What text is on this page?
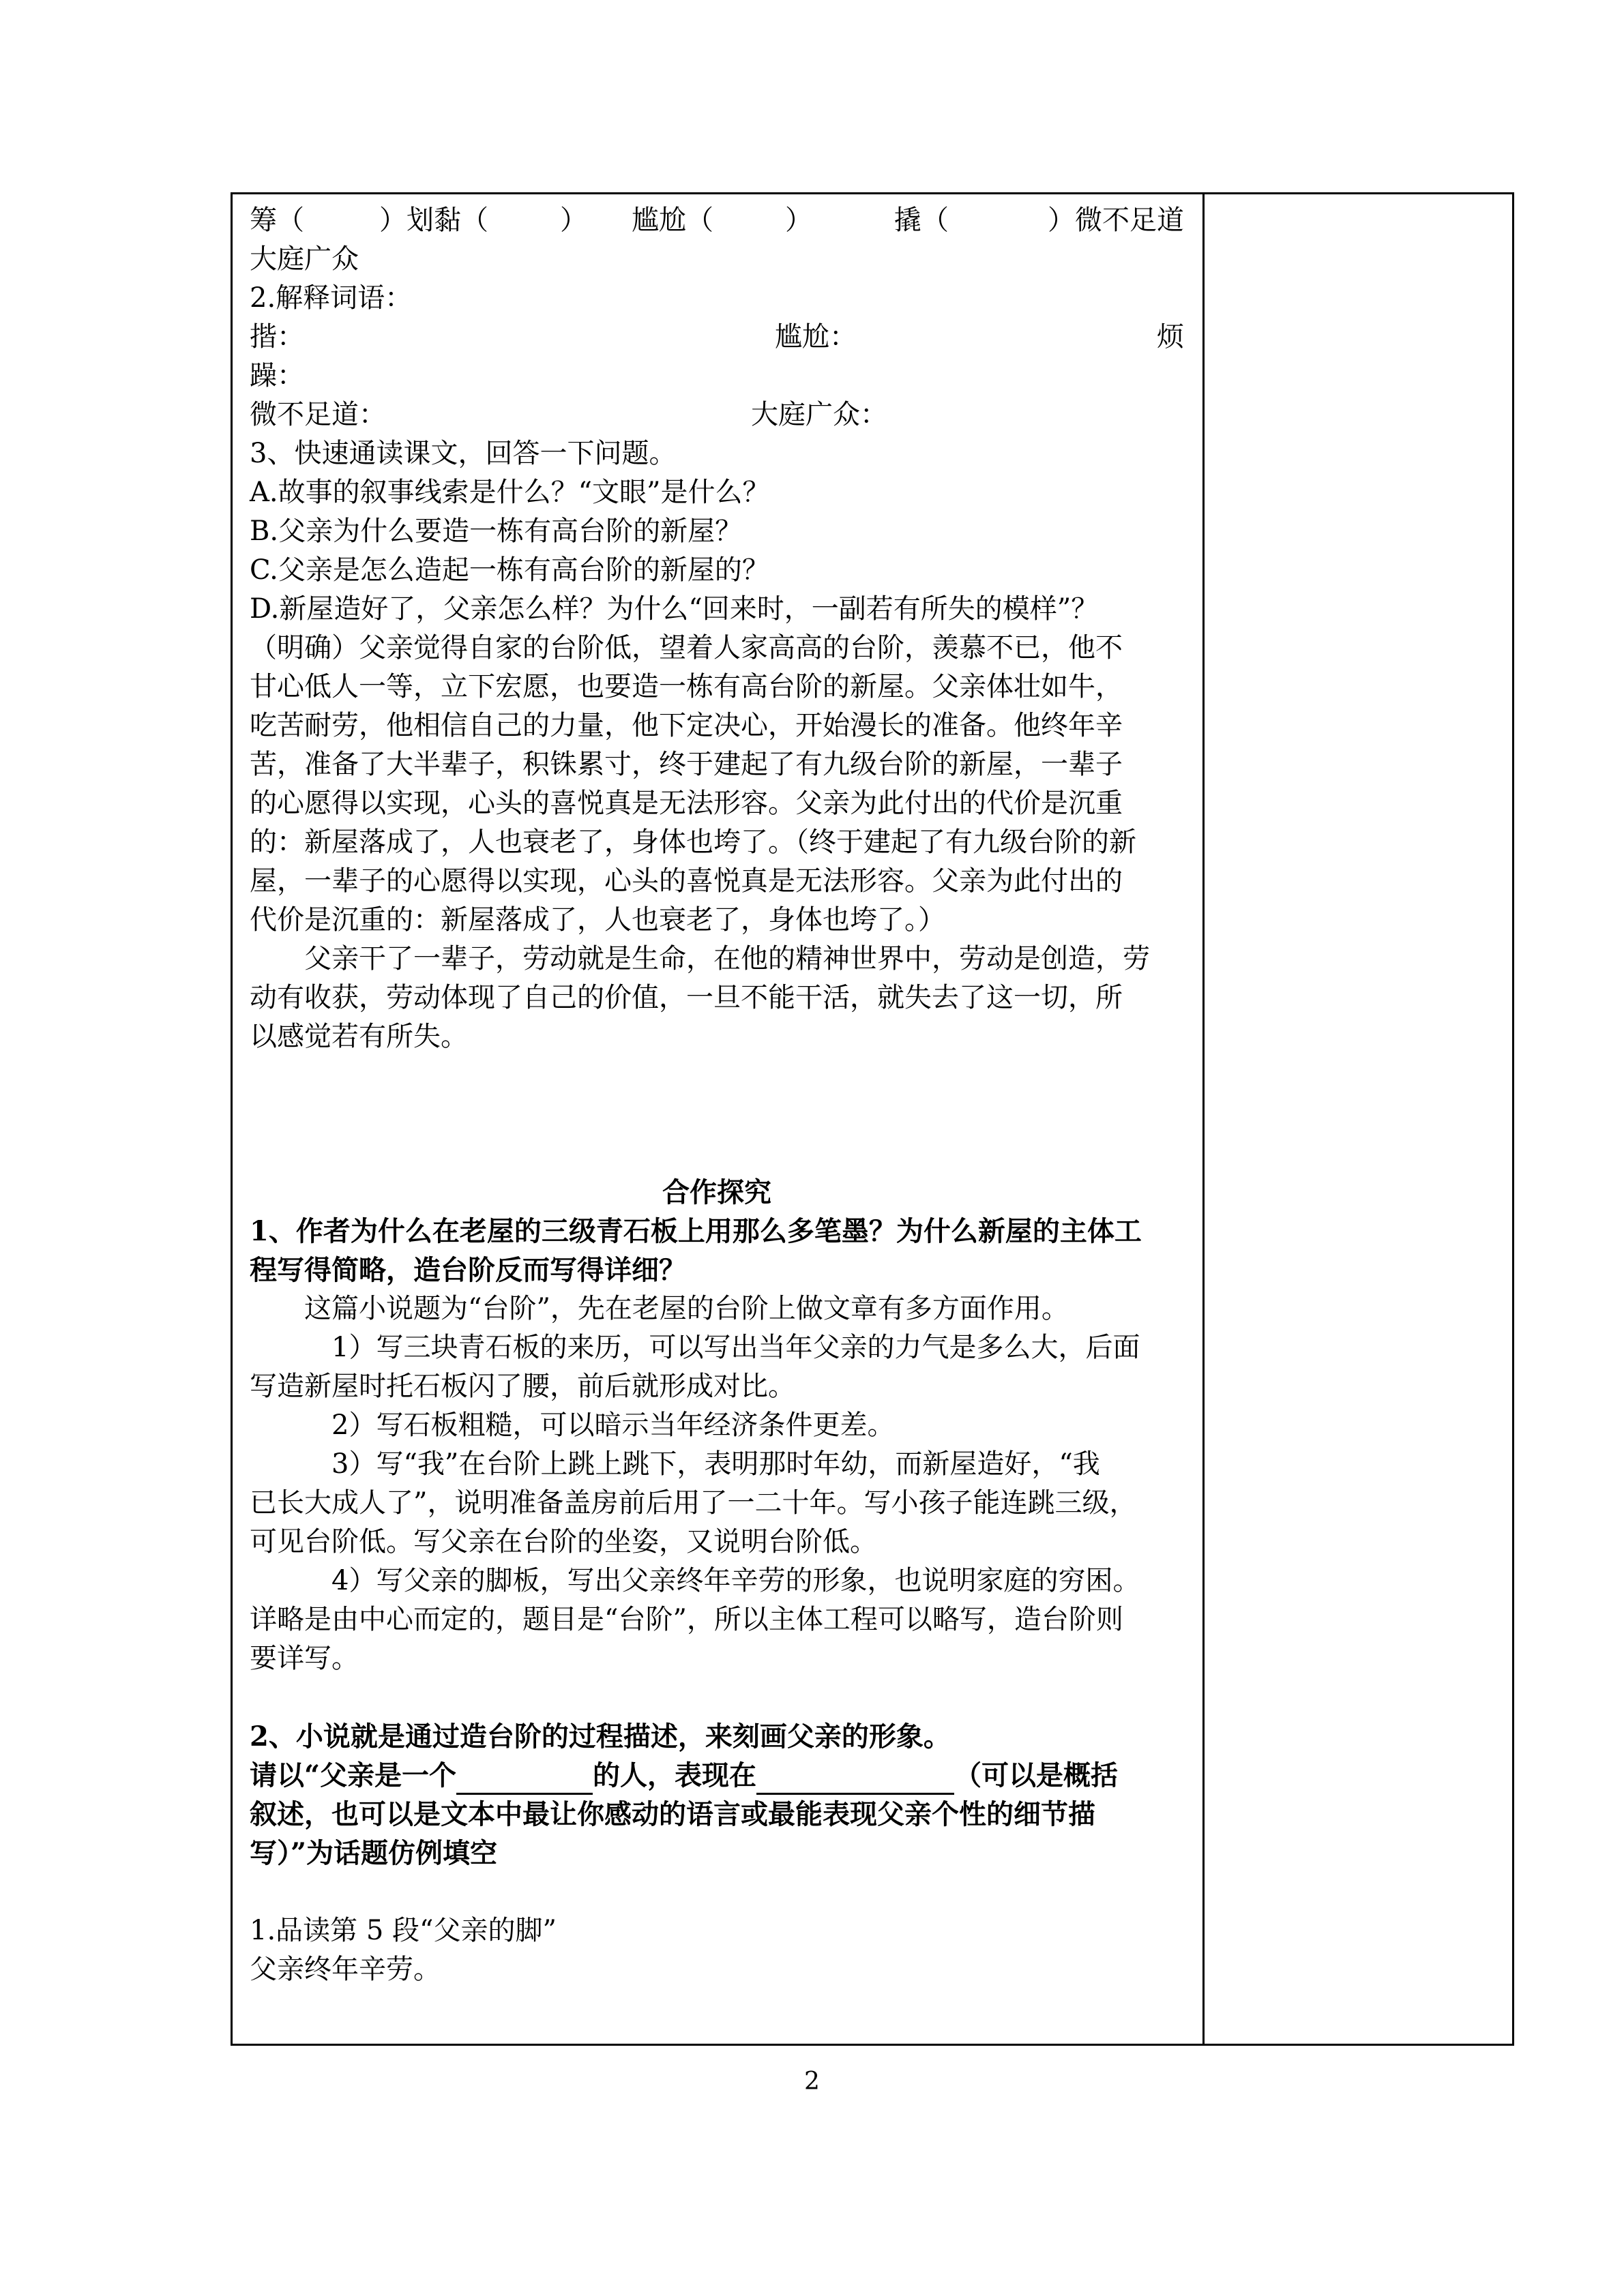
筹（	）划黏（	） 尴尬（	）	撬（	） 微不足道
大庭广众
2.解释词语：
揩：	尴尬：	烦
躁：
微不足道：	大庭广众：
3、快速通读课文，回答一下问题。
A.故事的叙事线索是什么？“文眼”是什么？
B.父亲为什么要造一栋有高台阶的新屋？
C.父亲是怎么造起一栋有高台阶的新屋的？
D.新屋造好了，父亲怎么样？为什么“回来时，一副若有所失的模样”？
（明确）父亲觉得自家的台阶低，望着人家高高的台阶，羡慕不已，他不
甘心低人一等，立下宏愿，也要造一栋有高台阶的新屋。父亲体壮如牛，
吃苦耐劳，他相信自己的力量，他下定决心，开始漫长的准备。他终年辛
苦，准备了大半辈子，积铢累寸，终于建起了有九级台阶的新屋，一辈子
的心愿得以实现，心头的喜悦真是无法形容。父亲为此付出的代价是沉重
的：新屋落成了，人也衰老了，身体也垮了。（终于建起了有九级台阶的新
屋，一辈子的心愿得以实现，心头的喜悦真是无法形容。父亲为此付出的
代价是沉重的：新屋落成了，人也衰老了，身体也垮了。）
父亲干了一辈子，劳动就是生命，在他的精神世界中，劳动是创造，劳
动有收获，劳动体现了自己的价值，一旦不能干活，就失去了这一切，所
以感觉若有所失。
合作探究
1、作者为什么在老屋的三级青石板上用那么多笔墨？为什么新屋的主体工
程写得简略，造台阶反而写得详细？
这篇小说题为“台阶”，先在老屋的台阶上做文章有多方面作用。
1）写三块青石板的来历，可以写出当年父亲的力气是多么大，后面
写造新屋时托石板闪了腰，前后就形成对比。
2）写石板粗糙，可以暗示当年经济条件更差。
3）写“我”在台阶上跳上跳下，表明那时年幼，而新屋造好，“我
已长大成人了”，说明准备盖房前后用了一二十年。写小孩子能连跳三级，
可见台阶低。写父亲在台阶的坐姿，又说明台阶低。
4）写父亲的脚板，写出父亲终年辛劳的形象，也说明家庭的穷困。
详略是由中心而定的，题目是“台阶”，所以主体工程可以略写，造台阶则
要详写。
2、小说就是通过造台阶的过程描述，来刻画父亲的形象。
请以“父亲是一个	的人，表现在	（可以是概括
叙述，也可以是文本中最让你感动的语言或最能表现父亲个性的细节描
写）”为话题仿例填空
1.品读第 5 段“父亲的脚”
父亲终年辛劳。
2
